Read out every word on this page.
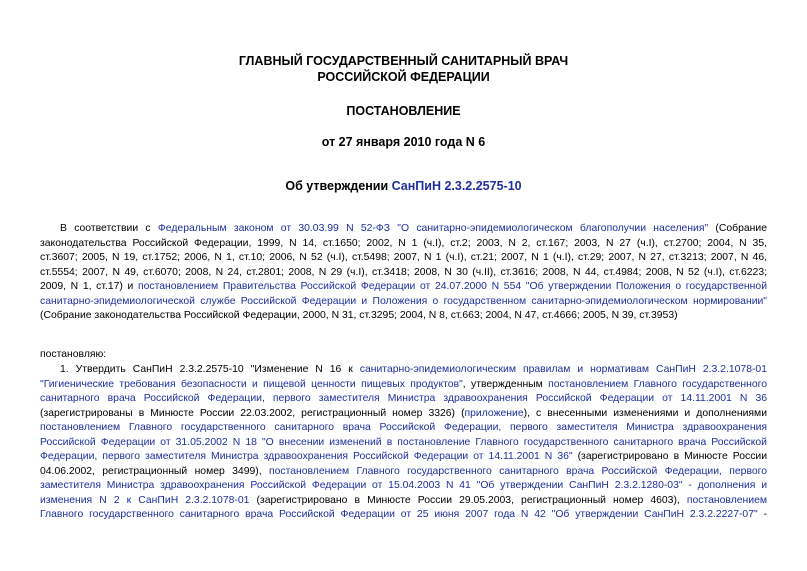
ГЛАВНЫЙ ГОСУДАРСТВЕННЫЙ САНИТАРНЫЙ ВРАЧ
РОССИЙСКОЙ ФЕДЕРАЦИИ
ПОСТАНОВЛЕНИЕ
от 27 января 2010 года N 6
Об утверждении СанПиН 2.3.2.2575-10
В соответствии с Федеральным законом от 30.03.99 N 52-ФЗ "О санитарно-эпидемиологическом благополучии населения" (Собрание
законодательства Российской Федерации, 1999, N 14, ст.1650; 2002, N 1 (ч.I), ст.2; 2003, N 2, ст.167; 2003, N 27 (ч.I), ст.2700; 2004, N 35,
ст.3607; 2005, N 19, ст.1752; 2006, N 1, ст.10; 2006, N 52 (ч.I), ст.5498; 2007, N 1 (ч.I), ст.21; 2007, N 1 (ч.I), ст.29; 2007, N 27, ст.3213; 2007, N 46,
ст.5554; 2007, N 49, ст.6070; 2008, N 24, ст.2801; 2008, N 29 (ч.I), ст.3418; 2008, N 30 (ч.II), ст.3616; 2008, N 44, ст.4984; 2008, N 52 (ч.I), ст.6223;
2009, N 1, ст.17) и постановлением Правительства Российской Федерации от 24.07.2000 N 554 "Об утверждении Положения о государственной
санитарно-эпидемиологической службе Российской Федерации и Положения о государственном санитарно-эпидемиологическом нормировании"
(Собрание законодательства Российской Федерации, 2000, N 31, ст.3295; 2004, N 8, ст.663; 2004, N 47, ст.4666; 2005, N 39, ст.3953)
постановляю:
1. Утвердить СанПиН 2.3.2.2575-10 "Изменение N 16 к санитарно-эпидемиологическим правилам и нормативам СанПиН 2.3.2.1078-01
"Гигиенические требования безопасности и пищевой ценности пищевых продуктов", утвержденным постановлением Главного государственного
санитарного врача Российской Федерации, первого заместителя Министра здравоохранения Российской Федерации от 14.11.2001 N 36
(зарегистрированы в Минюсте России 22.03.2002, регистрационный номер 3326) (приложение), с внесенными изменениями и дополнениями
постановлением Главного государственного санитарного врача Российской Федерации, первого заместителя Министра здравоохранения
Российской Федерации от 31.05.2002 N 18 "О внесении изменений в постановление Главного государственного санитарного врача Российской
Федерации, первого заместителя Министра здравоохранения Российской Федерации от 14.11.2001 N 36" (зарегистрировано в Минюсте России
04.06.2002, регистрационный номер 3499), постановлением Главного государственного санитарного врача Российской Федерации, первого
заместителя Министра здравоохранения Российской Федерации от 15.04.2003 N 41 "Об утверждении СанПиН 2.3.2.1280-03" - дополнения и
изменения N 2 к СанПиН 2.3.2.1078-01 (зарегистрировано в Минюсте России 29.05.2003, регистрационный номер 4603), постановлением
Главного государственного санитарного врача Российской Федерации от 25 июня 2007 года N 42 "Об утверждении СанПиН 2.3.2.2227-07" -
